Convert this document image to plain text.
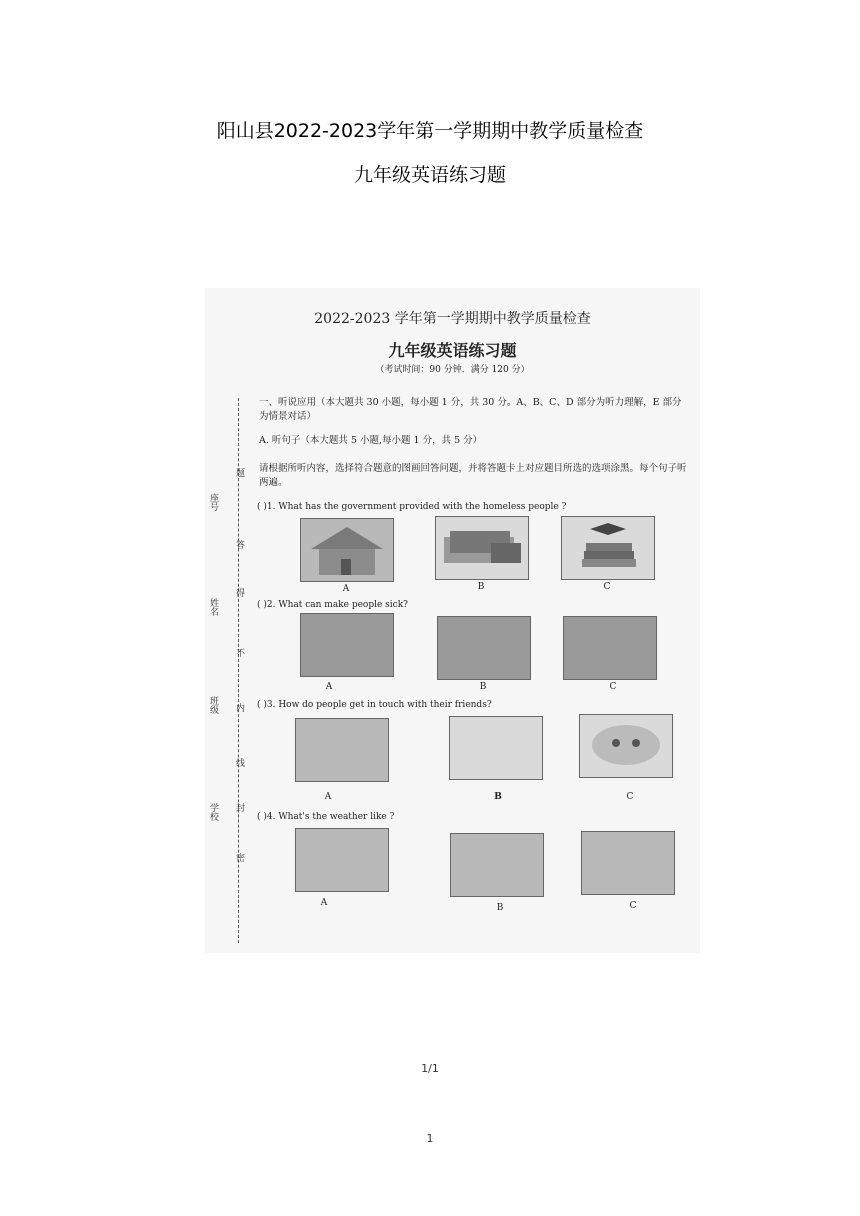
阳山县2022-2023学年第一学期期中教学质量检查
九年级英语练习题
2022-2023 学年第一学期期中教学质量检查
九年级英语练习题
（考试时间：90 分钟．满分 120 分）
座号
姓名
班级
学校
题
答
得
不
内
线
封
密
一、听说应用（本大题共 30 小题，每小题 1 分，共 30 分。A、B、C、D 部分为听力理解，E 部分为情景对话）
A. 听句子（本大题共 5 小题,每小题 1 分，共 5 分）
请根据所听内容，选择符合题意的图画回答问题，并将答题卡上对应题目所选的选项涂黑。每个句子听两遍。
( )1. What has the government provided with the homeless people ?
A	B	C
( )2. What can make people sick?
A	B	C
( )3. How do people get in touch with their friends?
A	B	C
( )4. What's the weather like ?
A	B	C
1/1
1
